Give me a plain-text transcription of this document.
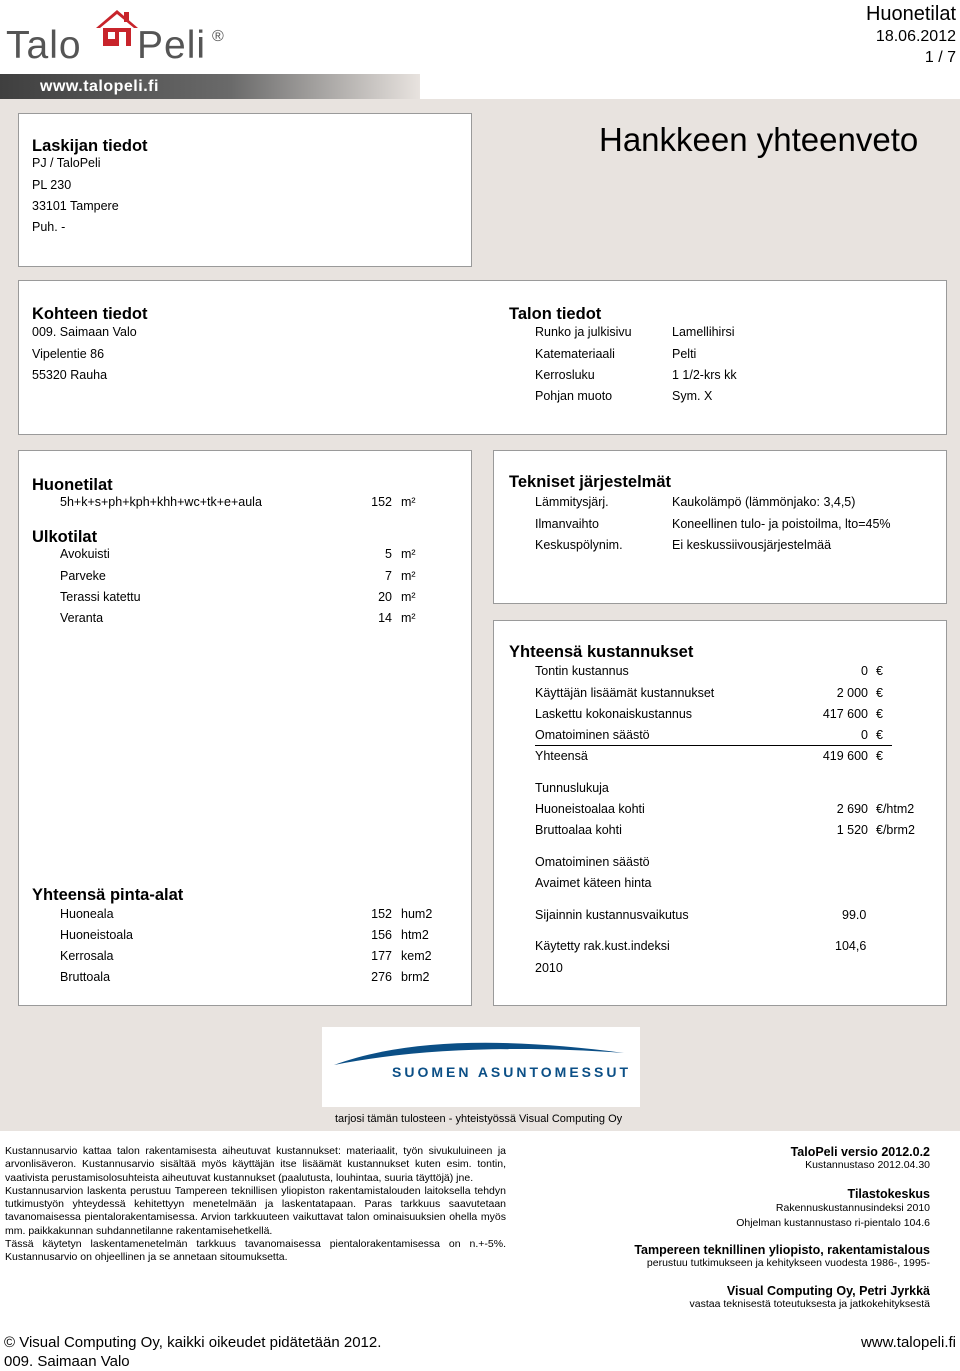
Talo Peli ®
www.talopeli.fi
Huonetilat
18.06.2012
1 / 7
Laskijan tiedot
PJ / TaloPeli
PL 230
33101 Tampere
Puh. -
Hankkeen yhteenveto
Kohteen tiedot
009. Saimaan Valo
Vipelentie 86
55320 Rauha
Talon tiedot
Runko ja julkisivu	Lamellihirsi
Katemateriaali	Pelti
Kerrosluku	1 1/2-krs kk
Pohjan muoto	Sym. X
Huonetilat
5h+k+s+ph+kph+khh+wc+tk+e+aula	152 m²
Ulkotilat
Avokuisti	5 m²
Parveke	7 m²
Terassi katettu	20 m²
Veranta	14 m²
Yhteensä pinta-alat
Huoneala	152 hum2
Huoneistoala	156 htm2
Kerrosala	177 kem2
Bruttoala	276 brm2
Tekniset järjestelmät
Lämmitysjärj.	Kaukolämpö (lämmönjako: 3,4,5)
Ilmanvaihto	Koneellinen tulo- ja poistoilma, lto=45%
Keskuspölynim.	Ei keskussiivousjärjestelmää
Yhteensä kustannukset
Tontin kustannus	0 €
Käyttäjän lisäämät kustannukset	2 000 €
Laskettu kokonaiskustannus	417 600 €
Omatoiminen säästö	0 €
Yhteensä	419 600 €
Tunnuslukuja
Huoneistoalaa kohti	2 690 €/htm2
Bruttoalaa kohti	1 520 €/brm2
Omatoiminen säästö
Avaimet käteen hinta
Sijainnin kustannusvaikutus	99.0
Käytetty rak.kust.indeksi	104,6
2010
SUOMEN ASUNTOMESSUT
tarjosi tämän tulosteen - yhteistyössä Visual Computing Oy

Kustannusarvio kattaa talon rakentamisesta aiheutuvat kustannukset: materiaalit, työn sivukuluineen ja arvonlisäveron. Kustannusarvio sisältää myös käyttäjän itse lisäämät kustannukset kuten esim. tontin, vaativista perustamisolosuhteista aiheutuvat kustannukset (paalutusta, louhintaa, suuria täyttöjä) jne.

Kustannusarvion laskenta perustuu Tampereen teknillisen yliopiston rakentamistalouden laitoksella tehdyn tutkimustyön yhteydessä kehitettyyn menetelmään ja laskentatapaan. Paras tarkkuus saavutetaan tavanomaisessa pientalorakentamisessa. Arvion tarkkuuteen vaikuttavat talon ominaisuuksien ohella myös mm. paikkakunnan suhdannetilanne rakentamisehetkellä.

Tässä käytetyn laskentamenetelmän tarkkuus tavanomaisessa pientalorakentamisessa on n.+-5%. Kustannusarvio on ohjeellinen ja se annetaan sitoumuksetta.

TaloPeli versio 2012.0.2
Kustannustaso 2012.04.30
Tilastokeskus
Rakennuskustannusindeksi 2010
Ohjelman kustannustaso ri-pientalo 104.6
Tampereen teknillinen yliopisto, rakentamistalous
perustuu tutkimukseen ja kehitykseen vuodesta 1986-, 1995-
Visual Computing Oy, Petri Jyrkkä
vastaa teknisestä toteutuksesta ja jatkokehityksestä
© Visual Computing Oy, kaikki oikeudet pidätetään 2012.	www.talopeli.fi
009. Saimaan Valo
